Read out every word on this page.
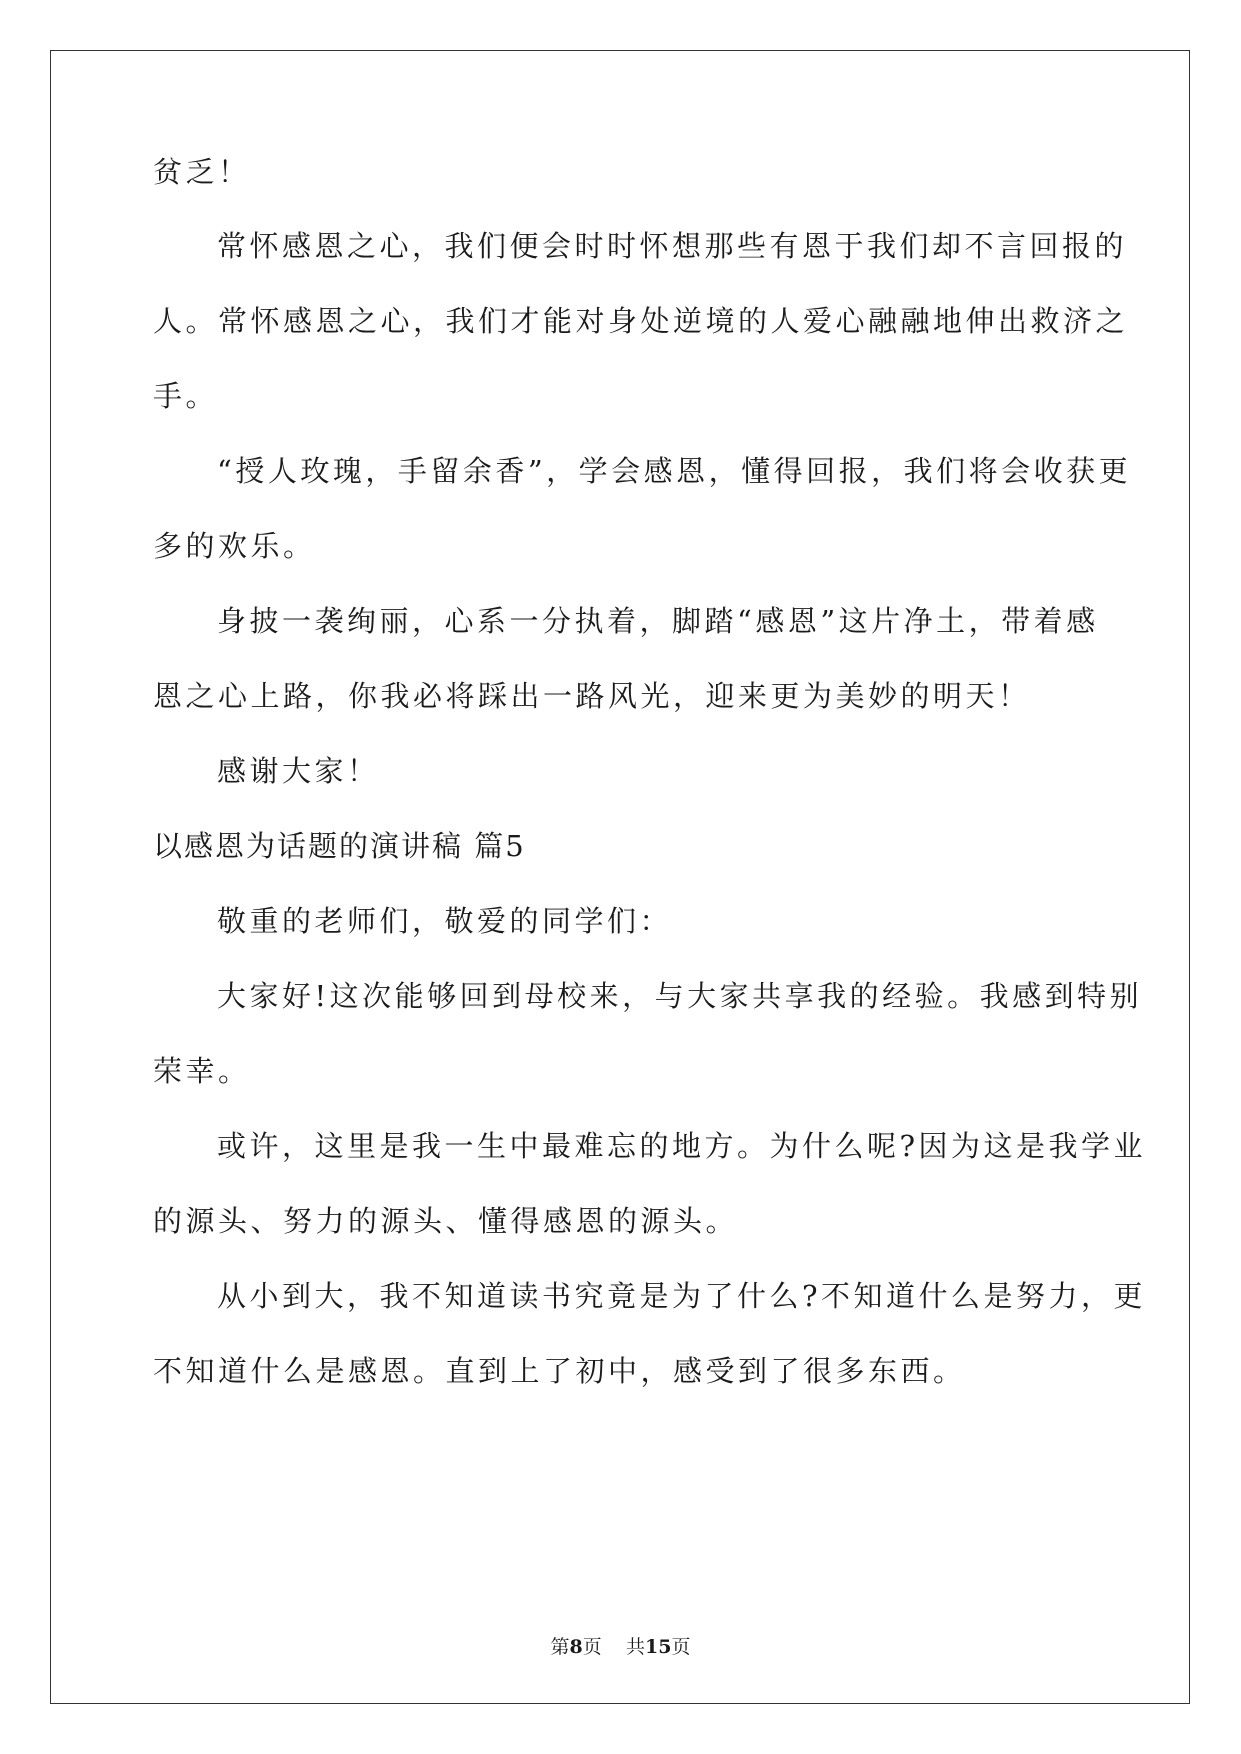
贫乏！
常怀感恩之心，我们便会时时怀想那些有恩于我们却不言回报的
人。常怀感恩之心，我们才能对身处逆境的人爱心融融地伸出救济之
手。
“授人玫瑰，手留余香”，学会感恩，懂得回报，我们将会收获更
多的欢乐。
身披一袭绚丽，心系一分执着，脚踏“感恩”这片净土，带着感
恩之心上路，你我必将踩出一路风光，迎来更为美妙的明天！
感谢大家！
以感恩为话题的演讲稿 篇5
敬重的老师们，敬爱的同学们：
大家好!这次能够回到母校来，与大家共享我的经验。我感到特别
荣幸。
或许，这里是我一生中最难忘的地方。为什么呢?因为这是我学业
的源头、努力的源头、懂得感恩的源头。
从小到大，我不知道读书究竟是为了什么?不知道什么是努力，更
不知道什么是感恩。直到上了初中，感受到了很多东西。
第8页 共15页
